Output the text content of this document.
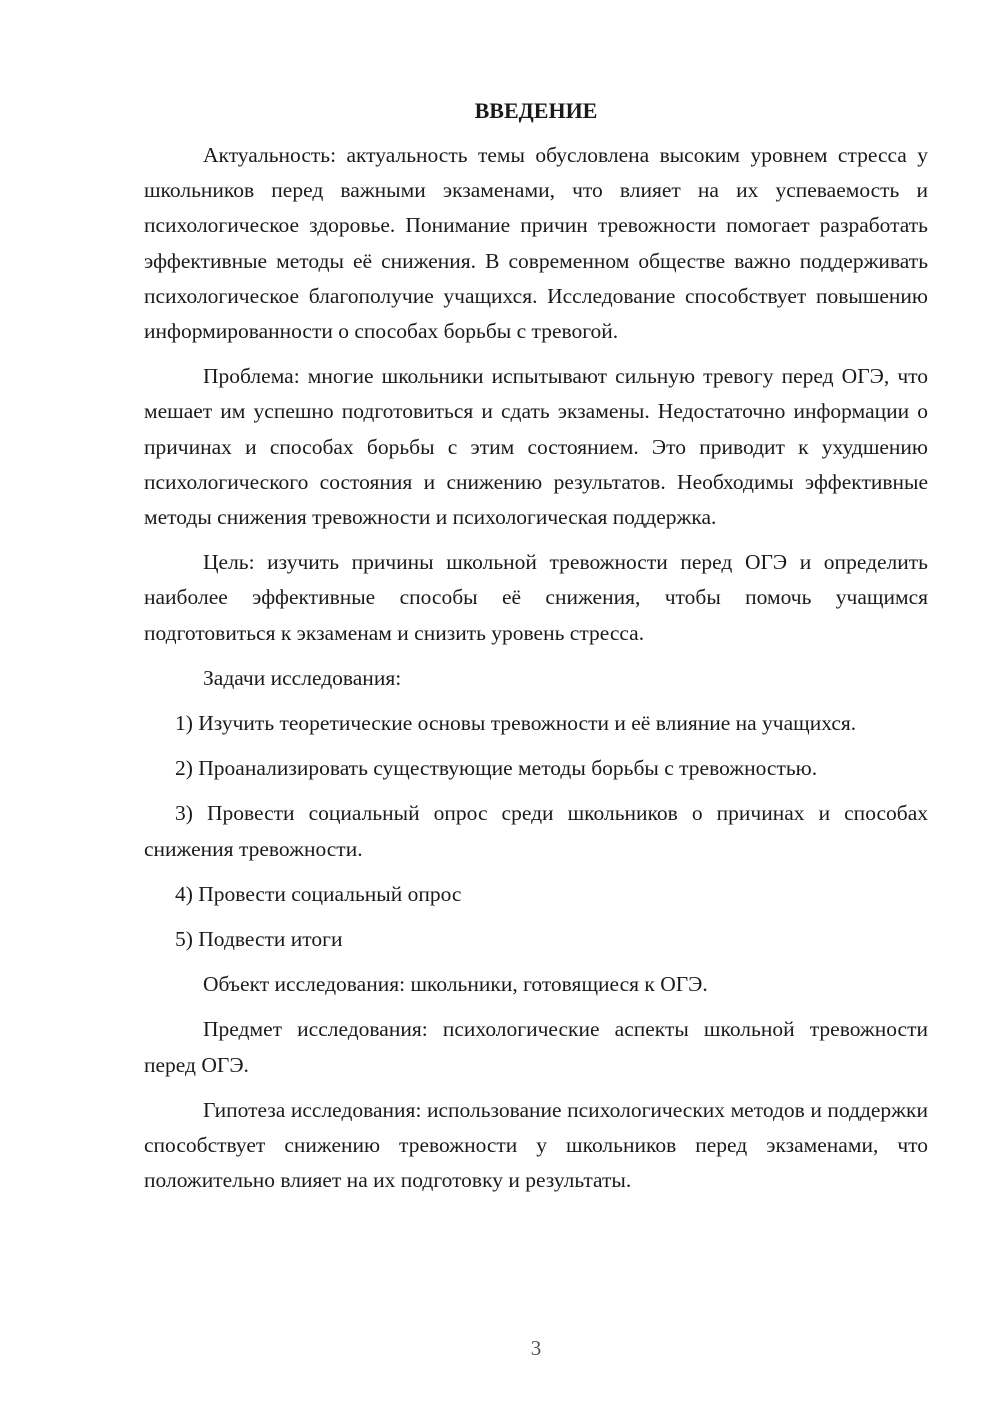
ВВЕДЕНИЕ

Актуальность: актуальность темы обусловлена высоким уровнем стресса у школьников перед важными экзаменами, что влияет на их успеваемость и психологическое здоровье. Понимание причин тревожности помогает разработать эффективные методы её снижения. В современном обществе важно поддерживать психологическое благополучие учащихся. Исследование способствует повышению информированности о способах борьбы с тревогой.

Проблема: многие школьники испытывают сильную тревогу перед ОГЭ, что мешает им успешно подготовиться и сдать экзамены. Недостаточно информации о причинах и способах борьбы с этим состоянием. Это приводит к ухудшению психологического состояния и снижению результатов. Необходимы эффективные методы снижения тревожности и психологическая поддержка.

Цель: изучить причины школьной тревожности перед ОГЭ и определить наиболее эффективные способы её снижения, чтобы помочь учащимся подготовиться к экзаменам и снизить уровень стресса.

Задачи исследования:

1) Изучить теоретические основы тревожности и её влияние на учащихся.

2) Проанализировать существующие методы борьбы с тревожностью.

3) Провести социальный опрос среди школьников о причинах и способах снижения тревожности.

4) Провести социальный опрос

5) Подвести итоги

Объект исследования: школьники, готовящиеся к ОГЭ.

Предмет исследования: психологические аспекты школьной тревожности перед ОГЭ.

Гипотеза исследования: использование психологических методов и поддержки способствует снижению тревожности у школьников перед экзаменами, что положительно влияет на их подготовку и результаты.

3
